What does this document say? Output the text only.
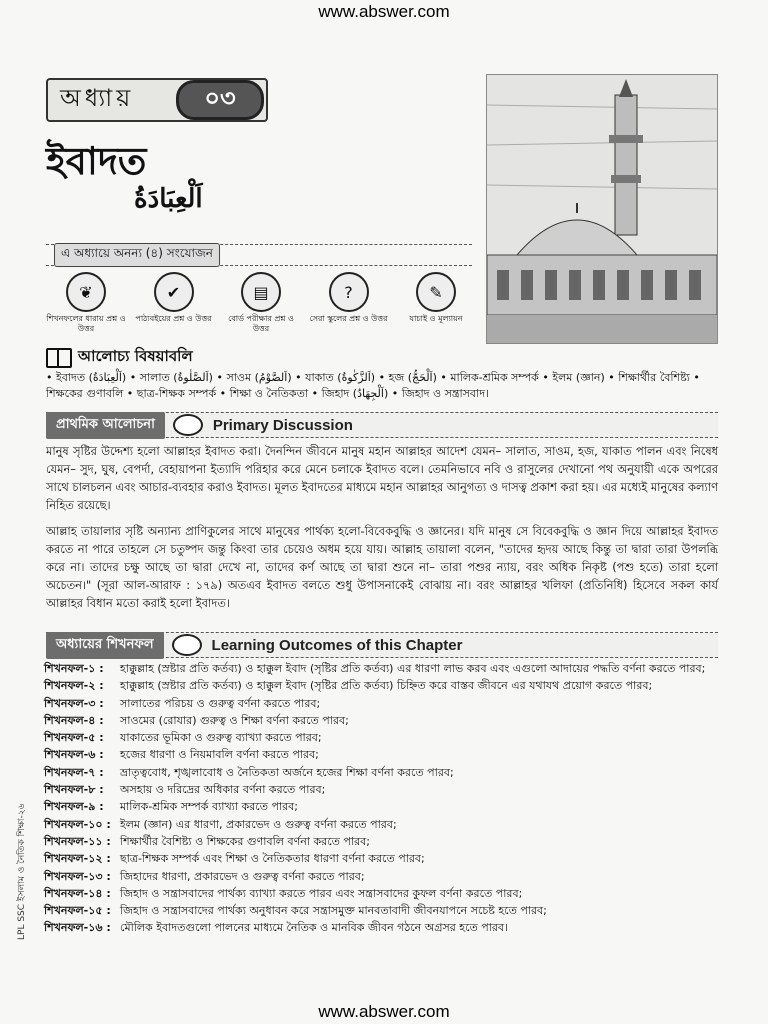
www.abswer.com
অধ্যায়	০৩
ইবাদত
اَلْعِبَادَةُ
এ অধ্যায়ে অনন্য (৪) সংযোজন
❦
শিখনফলের ধারায় প্রশ্ন ও উত্তর
✔
পাঠ্যবইয়ের প্রশ্ন ও উত্তর
▤
বোর্ড পরীক্ষার প্রশ্ন ও উত্তর
?
সেরা স্কুলের প্রশ্ন ও উত্তর
✎
যাচাই ও মূল্যায়ন
আলোচ্য বিষয়াবলি
• ইবাদত (اَلْعِبَادَةُ) • সালাত (اَلصَّلٰوةُ) • সাওম (اَلصَّوْمُ) • যাকাত (اَلزَّكٰوةُ) • হজ (اَلْحَجُّ) • মালিক-শ্রমিক সম্পর্ক • ইলম (জ্ঞান) • শিক্ষার্থীর বৈশিষ্ট্য • শিক্ষকের গুণাবলি • ছাত্র-শিক্ষক সম্পর্ক • শিক্ষা ও নৈতিকতা • জিহাদ (اَلْجِهَادُ) • জিহাদ ও সন্ত্রাসবাদ।
প্রাথমিক আলোচনা	Primary Discussion
মানুষ সৃষ্টির উদ্দেশ্য হলো আল্লাহর ইবাদত করা। দৈনন্দিন জীবনে মানুষ মহান আল্লাহর আদেশ যেমন– সালাত, সাওম, হজ, যাকাত পালন এবং নিষেধ যেমন– সুদ, ঘুষ, বেপর্দা, বেহায়াপনা ইত্যাদি পরিহার করে মেনে চলাকে ইবাদত বলে। তেমনিভাবে নবি ও রাসুলের দেখানো পথ অনুযায়ী একে অপরের সাথে চালচলন এবং আচার-ব্যবহার করাও ইবাদত। মূলত ইবাদতের মাধ্যমে মহান আল্লাহর আনুগত্য ও দাসত্ব প্রকাশ করা হয়। এর মধ্যেই মানুষের কল্যাণ নিহিত রয়েছে।
আল্লাহ তায়ালার সৃষ্টি অন্যান্য প্রাণিকুলের সাথে মানুষের পার্থক্য হলো-বিবেকবুদ্ধি ও জ্ঞানের। যদি মানুষ সে বিবেকবুদ্ধি ও জ্ঞান দিয়ে আল্লাহর ইবাদত করতে না পারে তাহলে সে চতুষ্পদ জন্তু কিংবা তার চেয়েও অধম হয়ে যায়। আল্লাহ তায়ালা বলেন, "তাদের হৃদয় আছে কিন্তু তা দ্বারা তারা উপলব্ধি করে না। তাদের চক্ষু আছে তা দ্বারা দেখে না, তাদের কর্ণ আছে তা দ্বারা শুনে না– তারা পশুর ন্যায়, বরং অধিক নিকৃষ্ট (পশু হতে) তারা হলো অচেতন।" (সূরা আল-আরাফ : ১৭৯) অতএব ইবাদত বলতে শুধু উপাসনাকেই বোঝায় না। বরং আল্লাহর খলিফা (প্রতিনিধি) হিসেবে সকল কার্য আল্লাহর বিধান মতো করাই হলো ইবাদত।
অধ্যায়ের শিখনফল	Learning Outcomes of this Chapter
শিখনফল-১ :	হাক্কুল্লাহ (স্রষ্টার প্রতি কর্তব্য) ও হাক্কুল ইবাদ (সৃষ্টির প্রতি কর্তব্য) এর ধারণা লাভ করব এবং এগুলো আদায়ের পদ্ধতি বর্ণনা করতে পারব;
শিখনফল-২ :	হাক্কুল্লাহ (স্রষ্টার প্রতি কর্তব্য) ও হাক্কুল ইবাদ (সৃষ্টির প্রতি কর্তব্য) চিহ্নিত করে বাস্তব জীবনে এর যথাযথ প্রয়োগ করতে পারব;
শিখনফল-৩ :	সালাতের পরিচয় ও গুরুত্ব বর্ণনা করতে পারব;
শিখনফল-৪ :	সাওমের (রোযার) গুরুত্ব ও শিক্ষা বর্ণনা করতে পারব;
শিখনফল-৫ :	যাকাতের ভূমিকা ও গুরুত্ব ব্যাখ্যা করতে পারব;
শিখনফল-৬ :	হজের ধারণা ও নিয়মাবলি বর্ণনা করতে পারব;
শিখনফল-৭ :	ভ্রাতৃত্ববোধ, শৃঙ্খলাবোধ ও নৈতিকতা অর্জনে হজের শিক্ষা বর্ণনা করতে পারব;
শিখনফল-৮ :	অসহায় ও দরিদ্রের অধিকার বর্ণনা করতে পারব;
শিখনফল-৯ :	মালিক-শ্রমিক সম্পর্ক ব্যাখ্যা করতে পারব;
শিখনফল-১০ : ইলম (জ্ঞান) এর ধারণা, প্রকারভেদ ও গুরুত্ব বর্ণনা করতে পারব;
শিখনফল-১১ : শিক্ষার্থীর বৈশিষ্ট্য ও শিক্ষকের গুণাবলি বর্ণনা করতে পারব;
শিখনফল-১২ : ছাত্র-শিক্ষক সম্পর্ক এবং শিক্ষা ও নৈতিকতার ধারণা বর্ণনা করতে পারব;
শিখনফল-১৩ : জিহাদের ধারণা, প্রকারভেদ ও গুরুত্ব বর্ণনা করতে পারব;
শিখনফল-১৪ : জিহাদ ও সন্ত্রাসবাদের পার্থক্য ব্যাখ্যা করতে পারব এবং সন্ত্রাসবাদের কুফল বর্ণনা করতে পারব;
শিখনফল-১৫ : জিহাদ ও সন্ত্রাসবাদের পার্থক্য অনুধাবন করে সন্ত্রাসমুক্ত মানবতাবাদী জীবনযাপনে সচেষ্ট হতে পারব;
শিখনফল-১৬ : মৌলিক ইবাদতগুলো পালনের মাধ্যমে নৈতিক ও মানবিক জীবন গঠনে অগ্রসর হতে পারব।
LPL SSC ইসলাম ও নৈতিক শিক্ষা-২৬
www.abswer.com
